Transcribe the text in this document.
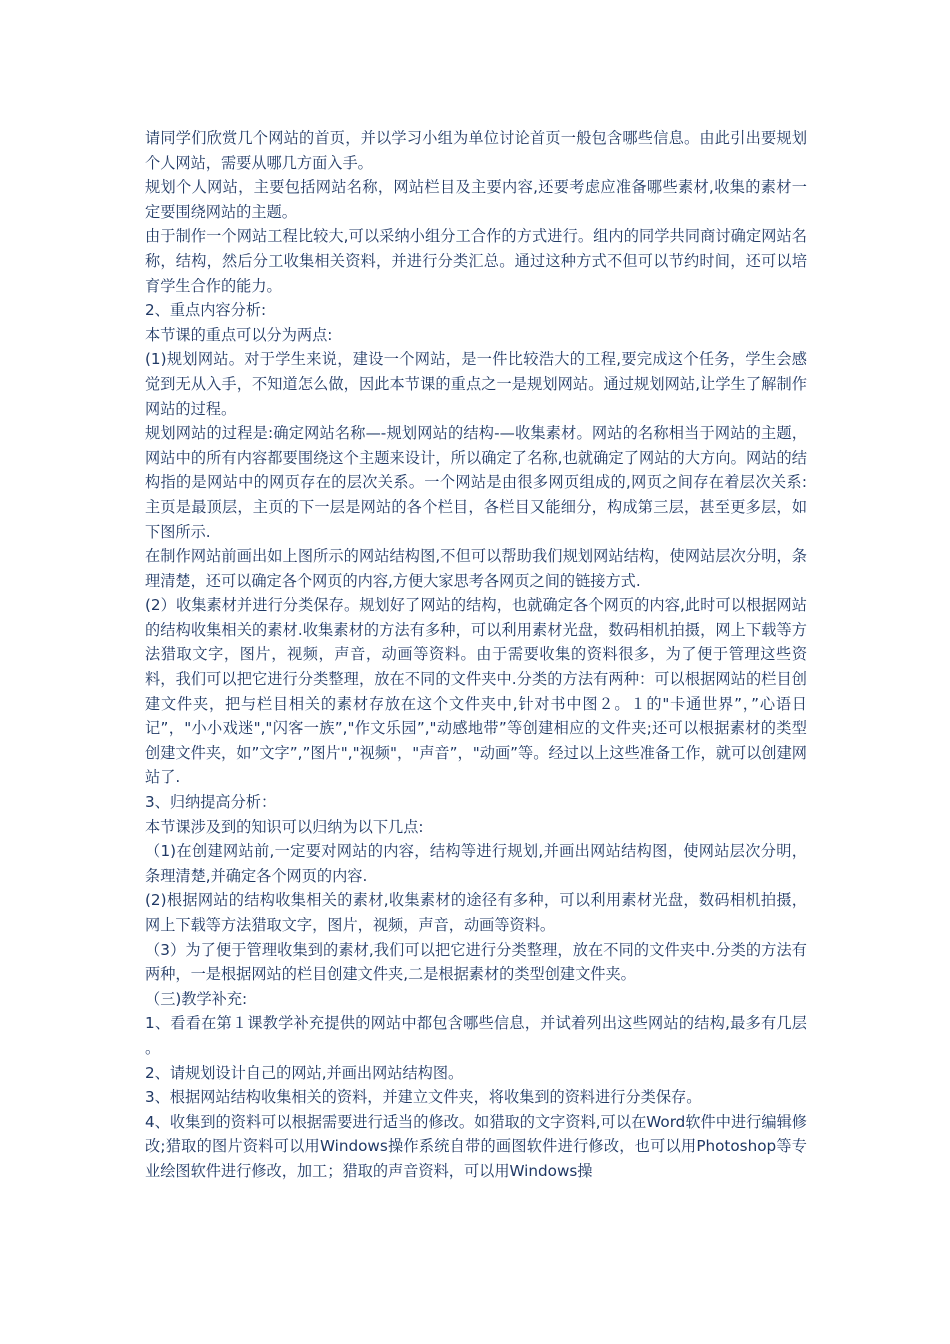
请同学们欣赏几个网站的首页，并以学习小组为单位讨论首页一般包含哪些信息。由此引出要规划个人网站，需要从哪几方面入手。

规划个人网站，主要包括网站名称，网站栏目及主要内容,还要考虑应准备哪些素材,收集的素材一定要围绕网站的主题。

由于制作一个网站工程比较大,可以采纳小组分工合作的方式进行。组内的同学共同商讨确定网站名称，结构，然后分工收集相关资料，并进行分类汇总。通过这种方式不但可以节约时间，还可以培育学生合作的能力。

2、重点内容分析:

本节课的重点可以分为两点:

(1)规划网站。对于学生来说，建设一个网站，是一件比较浩大的工程,要完成这个任务，学生会感觉到无从入手，不知道怎么做，因此本节课的重点之一是规划网站。通过规划网站,让学生了解制作网站的过程。

规划网站的过程是:确定网站名称—-规划网站的结构-—收集素材。网站的名称相当于网站的主题，网站中的所有内容都要围绕这个主题来设计，所以确定了名称,也就确定了网站的大方向。网站的结构指的是网站中的网页存在的层次关系。一个网站是由很多网页组成的,网页之间存在着层次关系:主页是最顶层，主页的下一层是网站的各个栏目，各栏目又能细分，构成第三层，甚至更多层，如下图所示.

在制作网站前画出如上图所示的网站结构图,不但可以帮助我们规划网站结构，使网站层次分明，条理清楚，还可以确定各个网页的内容,方便大家思考各网页之间的链接方式.

(2）收集素材并进行分类保存。规划好了网站的结构，也就确定各个网页的内容,此时可以根据网站的结构收集相关的素材.收集素材的方法有多种，可以利用素材光盘，数码相机拍摄，网上下载等方法猎取文字，图片，视频，声音，动画等资料。由于需要收集的资料很多，为了便于管理这些资料，我们可以把它进行分类整理，放在不同的文件夹中.分类的方法有两种：可以根据网站的栏目创建文件夹，把与栏目相关的素材存放在这个文件夹中,针对书中图２。１的"卡通世界”，”心语日记”，"小小戏迷","闪客一族”,"作文乐园”,"动感地带”等创建相应的文件夹;还可以根据素材的类型创建文件夹，如”文字”,”图片","视频"，"声音”，"动画”等。经过以上这些准备工作，就可以创建网站了.

3、归纳提高分析：

本节课涉及到的知识可以归纳为以下几点:

（1)在创建网站前,一定要对网站的内容，结构等进行规划,并画出网站结构图，使网站层次分明，条理清楚,并确定各个网页的内容.

(2)根据网站的结构收集相关的素材,收集素材的途径有多种，可以利用素材光盘，数码相机拍摄，网上下载等方法猎取文字，图片，视频，声音，动画等资料。

（3）为了便于管理收集到的素材,我们可以把它进行分类整理，放在不同的文件夹中.分类的方法有两种，一是根据网站的栏目创建文件夹,二是根据素材的类型创建文件夹。

（三)教学补充:

1、看看在第１课教学补充提供的网站中都包含哪些信息，并试着列出这些网站的结构,最多有几层 。

2、请规划设计自己的网站,并画出网站结构图。

3、根据网站结构收集相关的资料，并建立文件夹，将收集到的资料进行分类保存。

4、收集到的资料可以根据需要进行适当的修改。如猎取的文字资料,可以在Word软件中进行编辑修改;猎取的图片资料可以用Windows操作系统自带的画图软件进行修改，也可以用Photoshop等专业绘图软件进行修改，加工；猎取的声音资料，可以用Windows操
